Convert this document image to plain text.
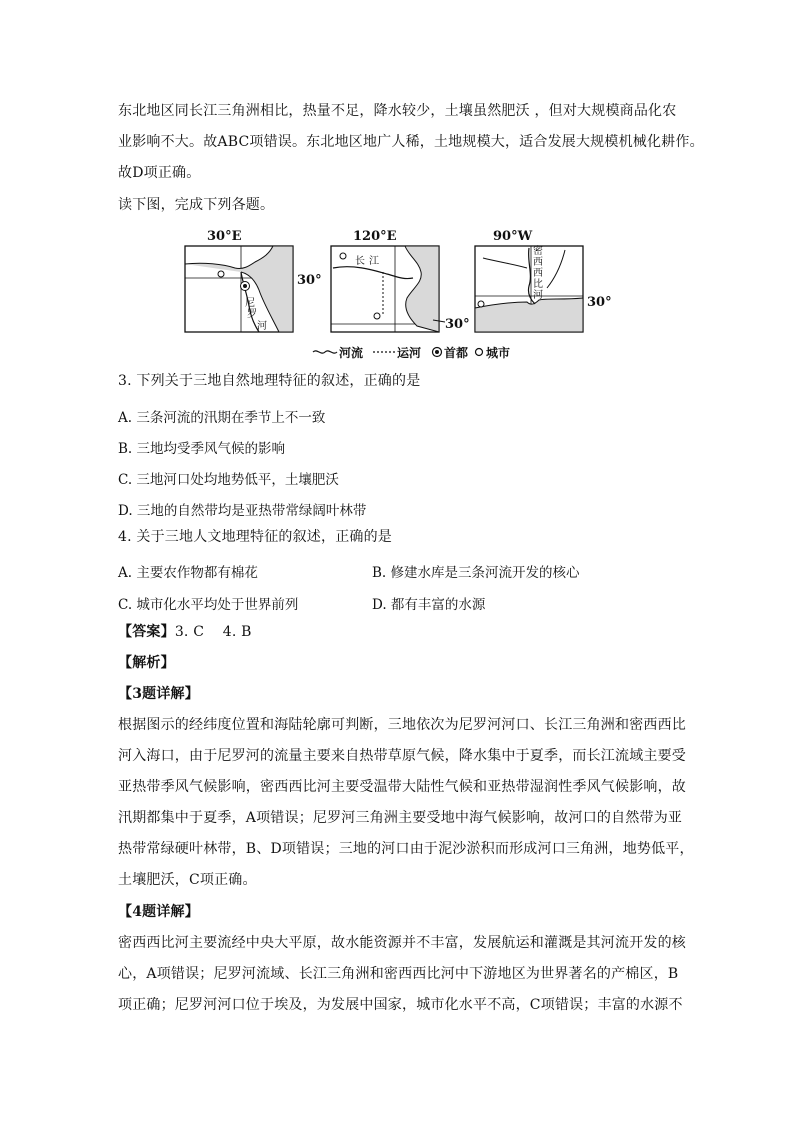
东北地区同长江三角洲相比，热量不足，降水较少，土壤虽然肥沃 ，但对大规模商品化农
业影响不大。故ABC项错误。东北地区地广人稀，土地规模大，适合发展大规模机械化耕作。
故D项正确。
读下图，完成下列各题。
30°E
尼
罗
河
30°
120°E
长 江
30°
90°W
密
西
西
比
河	30°
河流	运河 首都 城市
3. 下列关于三地自然地理特征的叙述，正确的是
A. 三条河流的汛期在季节上不一致
B. 三地均受季风气候的影响
C. 三地河口处均地势低平，土壤肥沃
D. 三地的自然带均是亚热带常绿阔叶林带
4. 关于三地人文地理特征的叙述，正确的是
A. 主要农作物都有棉花	B. 修建水库是三条河流开发的核心
C. 城市化水平均处于世界前列	D. 都有丰富的水源
【答案】3. C    4. B
【解析】
【3题详解】
根据图示的经纬度位置和海陆轮廓可判断，三地依次为尼罗河河口、长江三角洲和密西西比
河入海口，由于尼罗河的流量主要来自热带草原气候，降水集中于夏季，而长江流域主要受
亚热带季风气候影响，密西西比河主要受温带大陆性气候和亚热带湿润性季风气候影响，故
汛期都集中于夏季，A项错误；尼罗河三角洲主要受地中海气候影响，故河口的自然带为亚
热带常绿硬叶林带，B、D项错误；三地的河口由于泥沙淤积而形成河口三角洲，地势低平，
土壤肥沃，C项正确。
【4题详解】
密西西比河主要流经中央大平原，故水能资源并不丰富，发展航运和灌溉是其河流开发的核
心，A项错误；尼罗河流域、长江三角洲和密西西比河中下游地区为世界著名的产棉区，B
项正确；尼罗河河口位于埃及，为发展中国家，城市化水平不高，C项错误；丰富的水源不
